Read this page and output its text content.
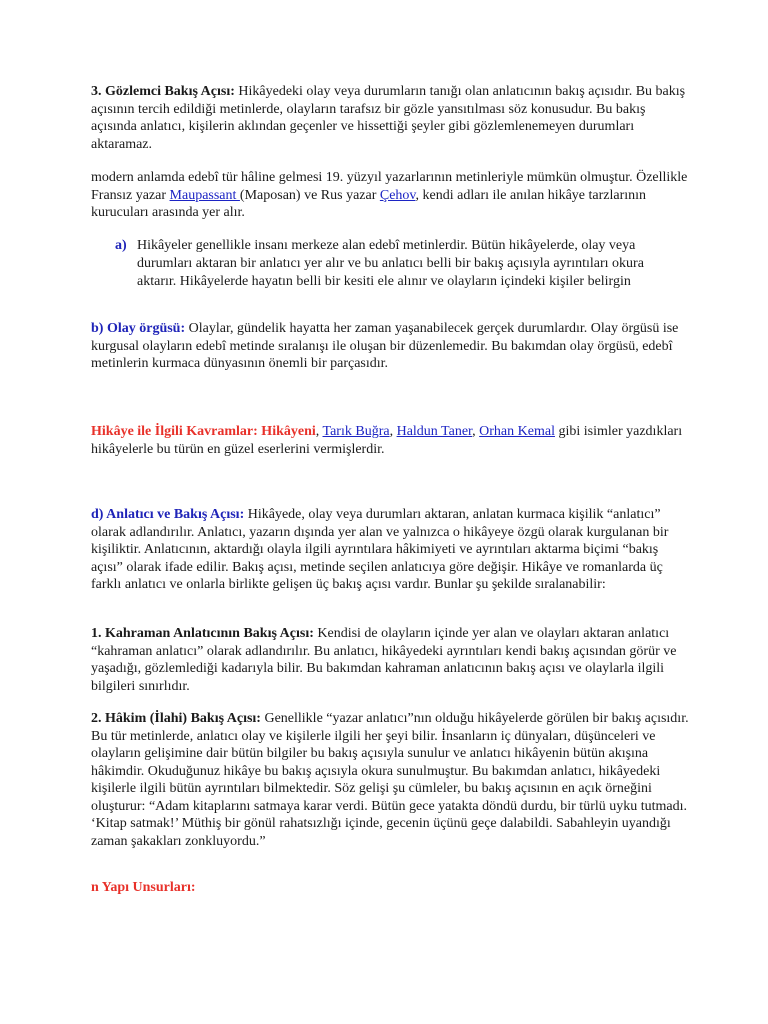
3. Gözlemci Bakış Açısı: Hikâyedeki olay veya durumların tanığı olan anlatıcının bakış açısıdır. Bu bakış açısının tercih edildiği metinlerde, olayların tarafsız bir gözle yansıtılması söz konusudur. Bu bakış açısında anlatıcı, kişilerin aklından geçenler ve hissettiği şeyler gibi gözlemlenemeyen durumları aktaramaz.

modern anlamda edebî tür hâline gelmesi 19. yüzyıl yazarlarının metinleriyle mümkün olmuştur. Özellikle Fransız yazar Maupassant (Maposan) ve Rus yazar Çehov, kendi adları ile anılan hikâye tarzlarının kurucuları arasında yer alır.

a) Hikâyeler genellikle insanı merkeze alan edebî metinlerdir. Bütün hikâyelerde, olay veya durumları aktaran bir anlatıcı yer alır ve bu anlatıcı belli bir bakış açısıyla ayrıntıları okura aktarır. Hikâyelerde hayatın belli bir kesiti ele alınır ve olayların içindeki kişiler belirgin

b) Olay örgüsü: Olaylar, gündelik hayatta her zaman yaşanabilecek gerçek durumlardır. Olay örgüsü ise kurgusal olayların edebî metinde sıralanışı ile oluşan bir düzenlemedir. Bu bakımdan olay örgüsü, edebî metinlerin kurmaca dünyasının önemli bir parçasıdır.

Hikâye ile İlgili Kavramlar: Hikâyeni, Tarık Buğra, Haldun Taner, Orhan Kemal gibi isimler yazdıkları hikâyelerle bu türün en güzel eserlerini vermişlerdir.

d) Anlatıcı ve Bakış Açısı: Hikâyede, olay veya durumları aktaran, anlatan kurmaca kişilik “anlatıcı” olarak adlandırılır. Anlatıcı, yazarın dışında yer alan ve yalnızca o hikâyeye özgü olarak kurgulanan bir kişiliktir. Anlatıcının, aktardığı olayla ilgili ayrıntılara hâkimiyeti ve ayrıntıları aktarma biçimi “bakış açısı” olarak ifade edilir. Bakış açısı, metinde seçilen anlatıcıya göre değişir. Hikâye ve romanlarda üç farklı anlatıcı ve onlarla birlikte gelişen üç bakış açısı vardır. Bunlar şu şekilde sıralanabilir:

1. Kahraman Anlatıcının Bakış Açısı: Kendisi de olayların içinde yer alan ve olayları aktaran anlatıcı “kahraman anlatıcı” olarak adlandırılır. Bu anlatıcı, hikâyedeki ayrıntıları kendi bakış açısından görür ve yaşadığı, gözlemlediği kadarıyla bilir. Bu bakımdan kahraman anlatıcının bakış açısı ve olaylarla ilgili bilgileri sınırlıdır.

2. Hâkim (İlahi) Bakış Açısı: Genellikle “yazar anlatıcı”nın olduğu hikâyelerde görülen bir bakış açısıdır. Bu tür metinlerde, anlatıcı olay ve kişilerle ilgili her şeyi bilir. İnsanların iç dünyaları, düşünceleri ve olayların gelişimine dair bütün bilgiler bu bakış açısıyla sunulur ve anlatıcı hikâyenin bütün akışına hâkimdir. Okuduğunuz hikâye bu bakış açısıyla okura sunulmuştur. Bu bakımdan anlatıcı, hikâyedeki kişilerle ilgili bütün ayrıntıları bilmektedir. Söz gelişi şu cümleler, bu bakış açısının en açık örneğini oluşturur: “Adam kitaplarını satmaya karar verdi. Bütün gece yatakta döndü durdu, bir türlü uyku tutmadı. ‘Kitap satmak!’ Müthiş bir gönül rahatsızlığı içinde, gecenin üçünü geçe dalabildi. Sabahleyin uyandığı zaman şakakları zonkluyordu.”

n Yapı Unsurları:
